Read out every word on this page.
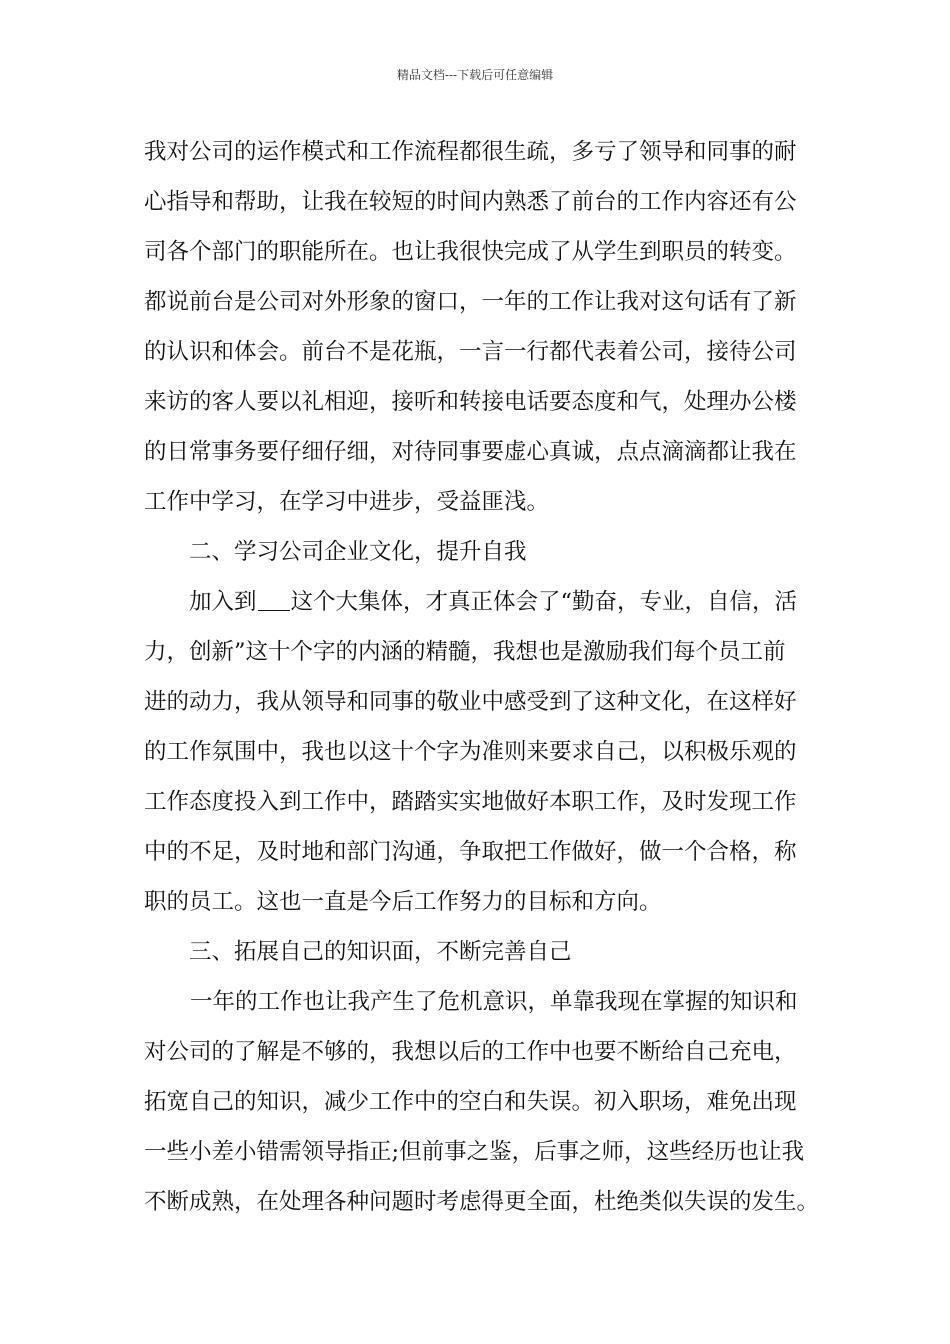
精品文档---下载后可任意编辑
我对公司的运作模式和工作流程都很生疏，多亏了领导和同事的耐
心指导和帮助，让我在较短的时间内熟悉了前台的工作内容还有公
司各个部门的职能所在。也让我很快完成了从学生到职员的转变。
都说前台是公司对外形象的窗口，一年的工作让我对这句话有了新
的认识和体会。前台不是花瓶，一言一行都代表着公司，接待公司
来访的客人要以礼相迎，接听和转接电话要态度和气，处理办公楼
的日常事务要仔细仔细，对待同事要虚心真诚，点点滴滴都让我在
工作中学习，在学习中进步，受益匪浅。
二、学习公司企业文化，提升自我
加入到 这个大集体，才真正体会了“勤奋，专业，自信，活
力，创新”这十个字的内涵的精髓，我想也是激励我们每个员工前
进的动力，我从领导和同事的敬业中感受到了这种文化，在这样好
的工作氛围中，我也以这十个字为准则来要求自己，以积极乐观的
工作态度投入到工作中，踏踏实实地做好本职工作，及时发现工作
中的不足，及时地和部门沟通，争取把工作做好，做一个合格，称
职的员工。这也一直是今后工作努力的目标和方向。
三、拓展自己的知识面，不断完善自己
一年的工作也让我产生了危机意识，单靠我现在掌握的知识和
对公司的了解是不够的，我想以后的工作中也要不断给自己充电，
拓宽自己的知识，减少工作中的空白和失误。初入职场，难免出现
一些小差小错需领导指正;但前事之鉴，后事之师，这些经历也让我
不断成熟，在处理各种问题时考虑得更全面，杜绝类似失误的发生。
